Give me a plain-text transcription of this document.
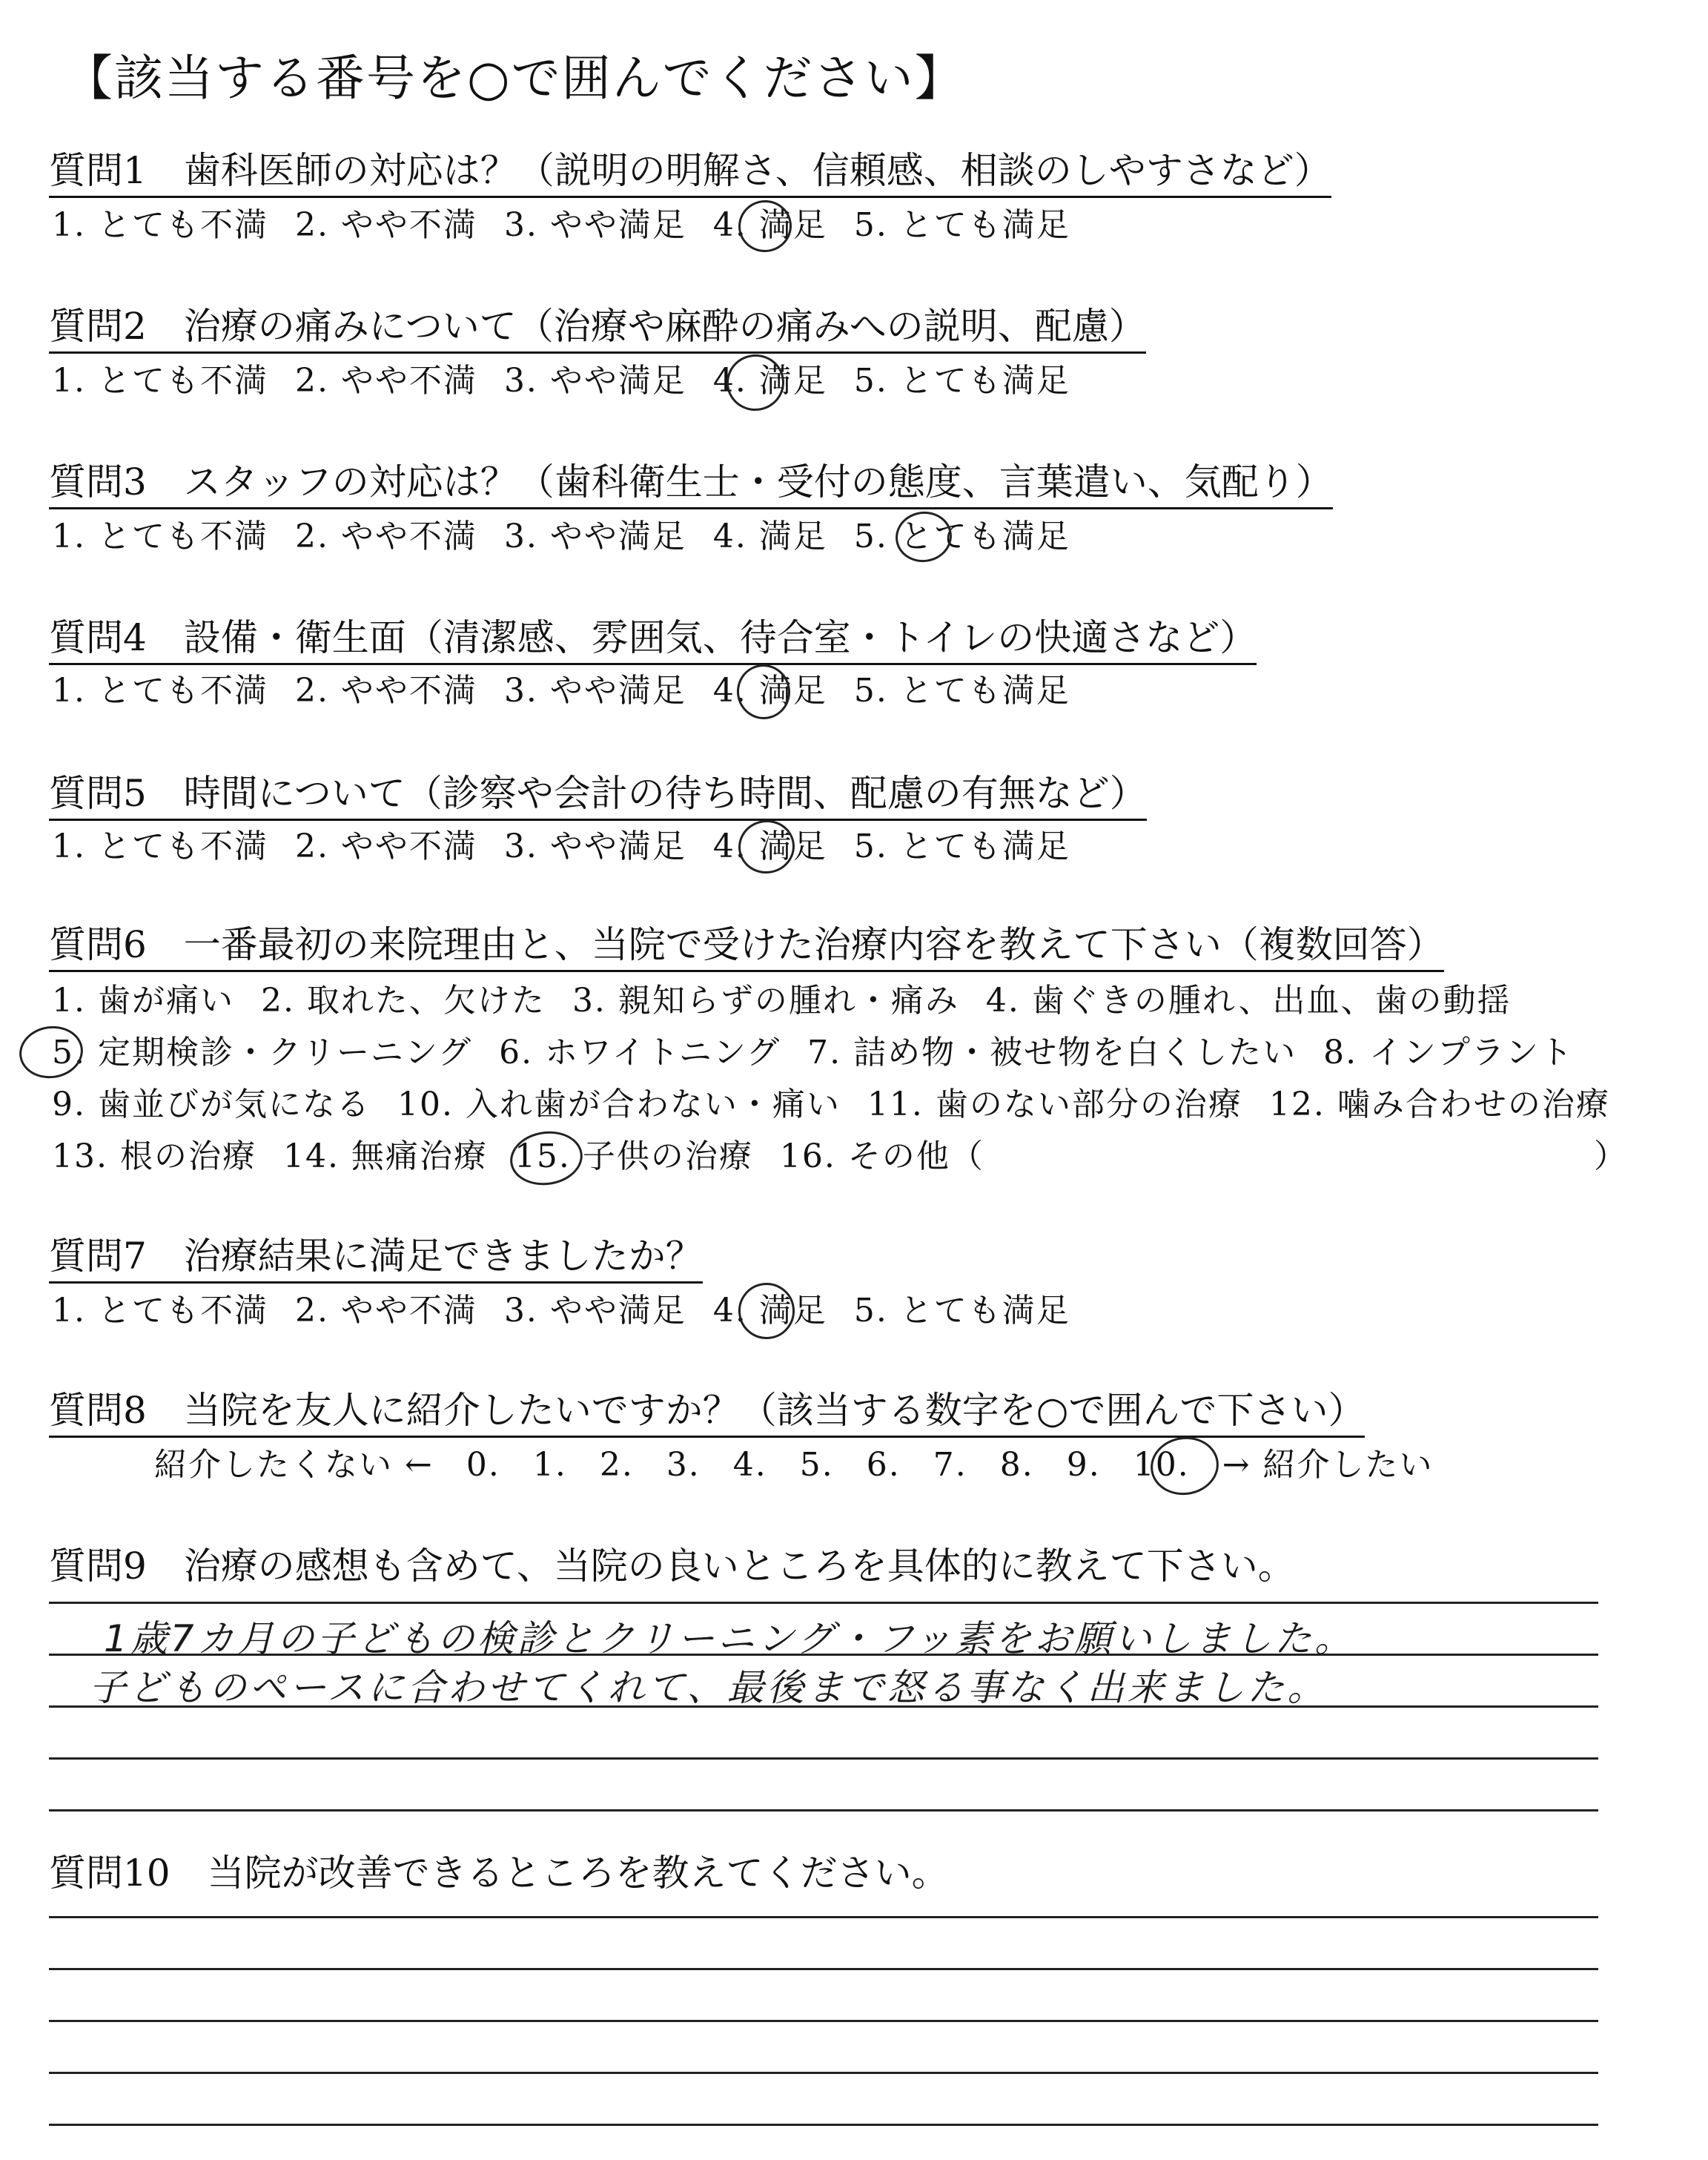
【該当する番号を○で囲んでください】
質問1　歯科医師の対応は？（説明の明解さ、信頼感、相談のしやすさなど）
1. とても不満 2. やや不満 3. やや満足 4. 満足 5. とても満足
質問2　治療の痛みについて（治療や麻酔の痛みへの説明、配慮）
1. とても不満 2. やや不満 3. やや満足 4. 満足 5. とても満足
質問3　スタッフの対応は？（歯科衛生士・受付の態度、言葉遣い、気配り）
1. とても不満 2. やや不満 3. やや満足 4. 満足 5. とても満足
質問4　設備・衛生面（清潔感、雰囲気、待合室・トイレの快適さなど）
1. とても不満 2. やや不満 3. やや満足 4. 満足 5. とても満足
質問5　時間について（診察や会計の待ち時間、配慮の有無など）
1. とても不満 2. やや不満 3. やや満足 4. 満足 5. とても満足
質問6　一番最初の来院理由と、当院で受けた治療内容を教えて下さい（複数回答）
1. 歯が痛い 2. 取れた、欠けた 3. 親知らずの腫れ・痛み 4. 歯ぐきの腫れ、出血、歯の動揺
5. 定期検診・クリーニング 6. ホワイトニング 7. 詰め物・被せ物を白くしたい 8. インプラント
9. 歯並びが気になる 10. 入れ歯が合わない・痛い 11. 歯のない部分の治療 12. 噛み合わせの治療
13. 根の治療 14. 無痛治療 15. 子供の治療 16. その他（	）
質問7　治療結果に満足できましたか？
1. とても不満 2. やや不満 3. やや満足 4. 満足 5. とても満足
質問8　当院を友人に紹介したいですか？（該当する数字を○で囲んで下さい）
紹介したくない ← 0. 1. 2. 3. 4. 5. 6. 7. 8. 9. 10. → 紹介したい
質問9　治療の感想も含めて、当院の良いところを具体的に教えて下さい。
1歳7カ月の子どもの検診とクリーニング・フッ素をお願いしました。
子どものペースに合わせてくれて、最後まで怒る事なく出来ました。
質問10　当院が改善できるところを教えてください。
